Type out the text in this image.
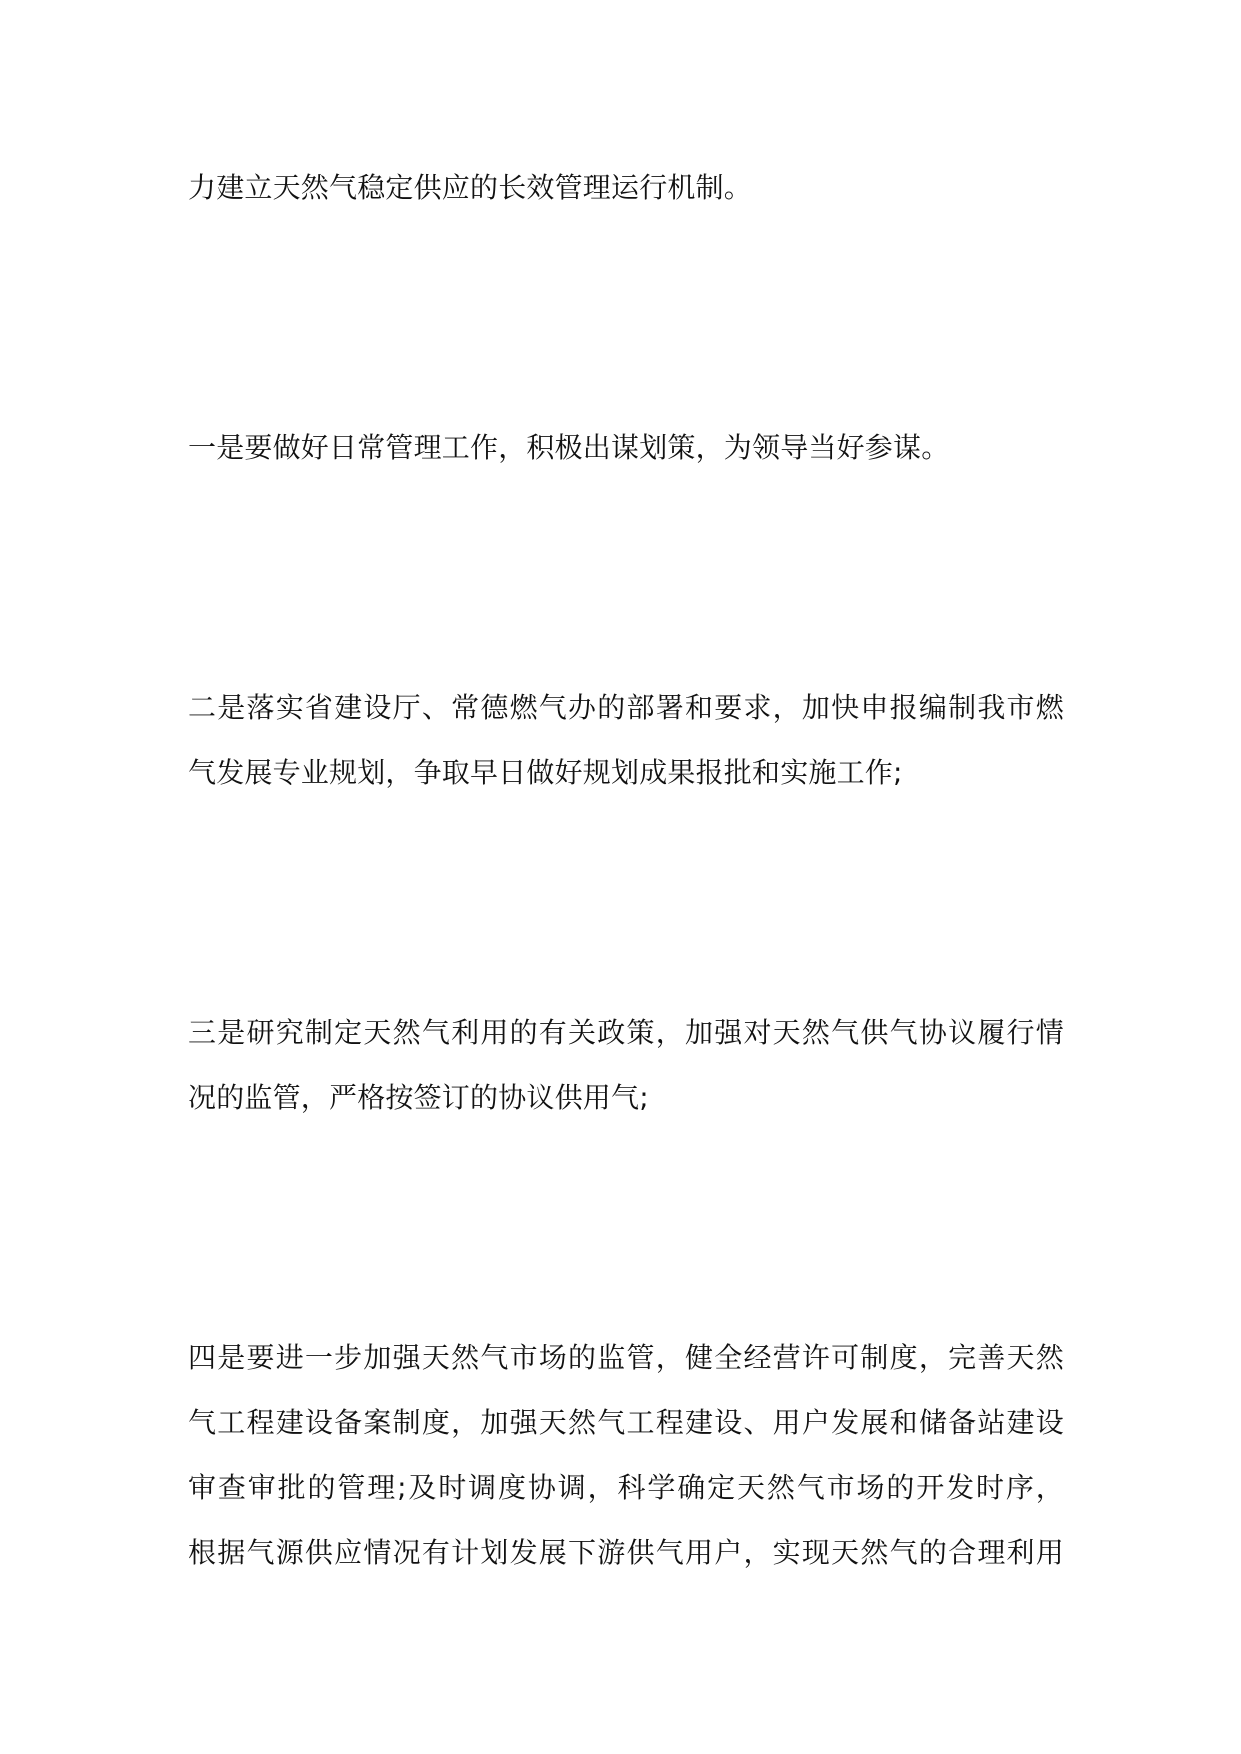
力建立天然气稳定供应的长效管理运行机制。
一是要做好日常管理工作，积极出谋划策，为领导当好参谋。
二是落实省建设厅、常德燃气办的部署和要求，加快申报编制我市燃
气发展专业规划，争取早日做好规划成果报批和实施工作;
三是研究制定天然气利用的有关政策，加强对天然气供气协议履行情
况的监管，严格按签订的协议供用气;
四是要进一步加强天然气市场的监管，健全经营许可制度，完善天然
气工程建设备案制度，加强天然气工程建设、用户发展和储备站建设
审查审批的管理;及时调度协调，科学确定天然气市场的开发时序，
根据气源供应情况有计划发展下游供气用户，实现天然气的合理利用
